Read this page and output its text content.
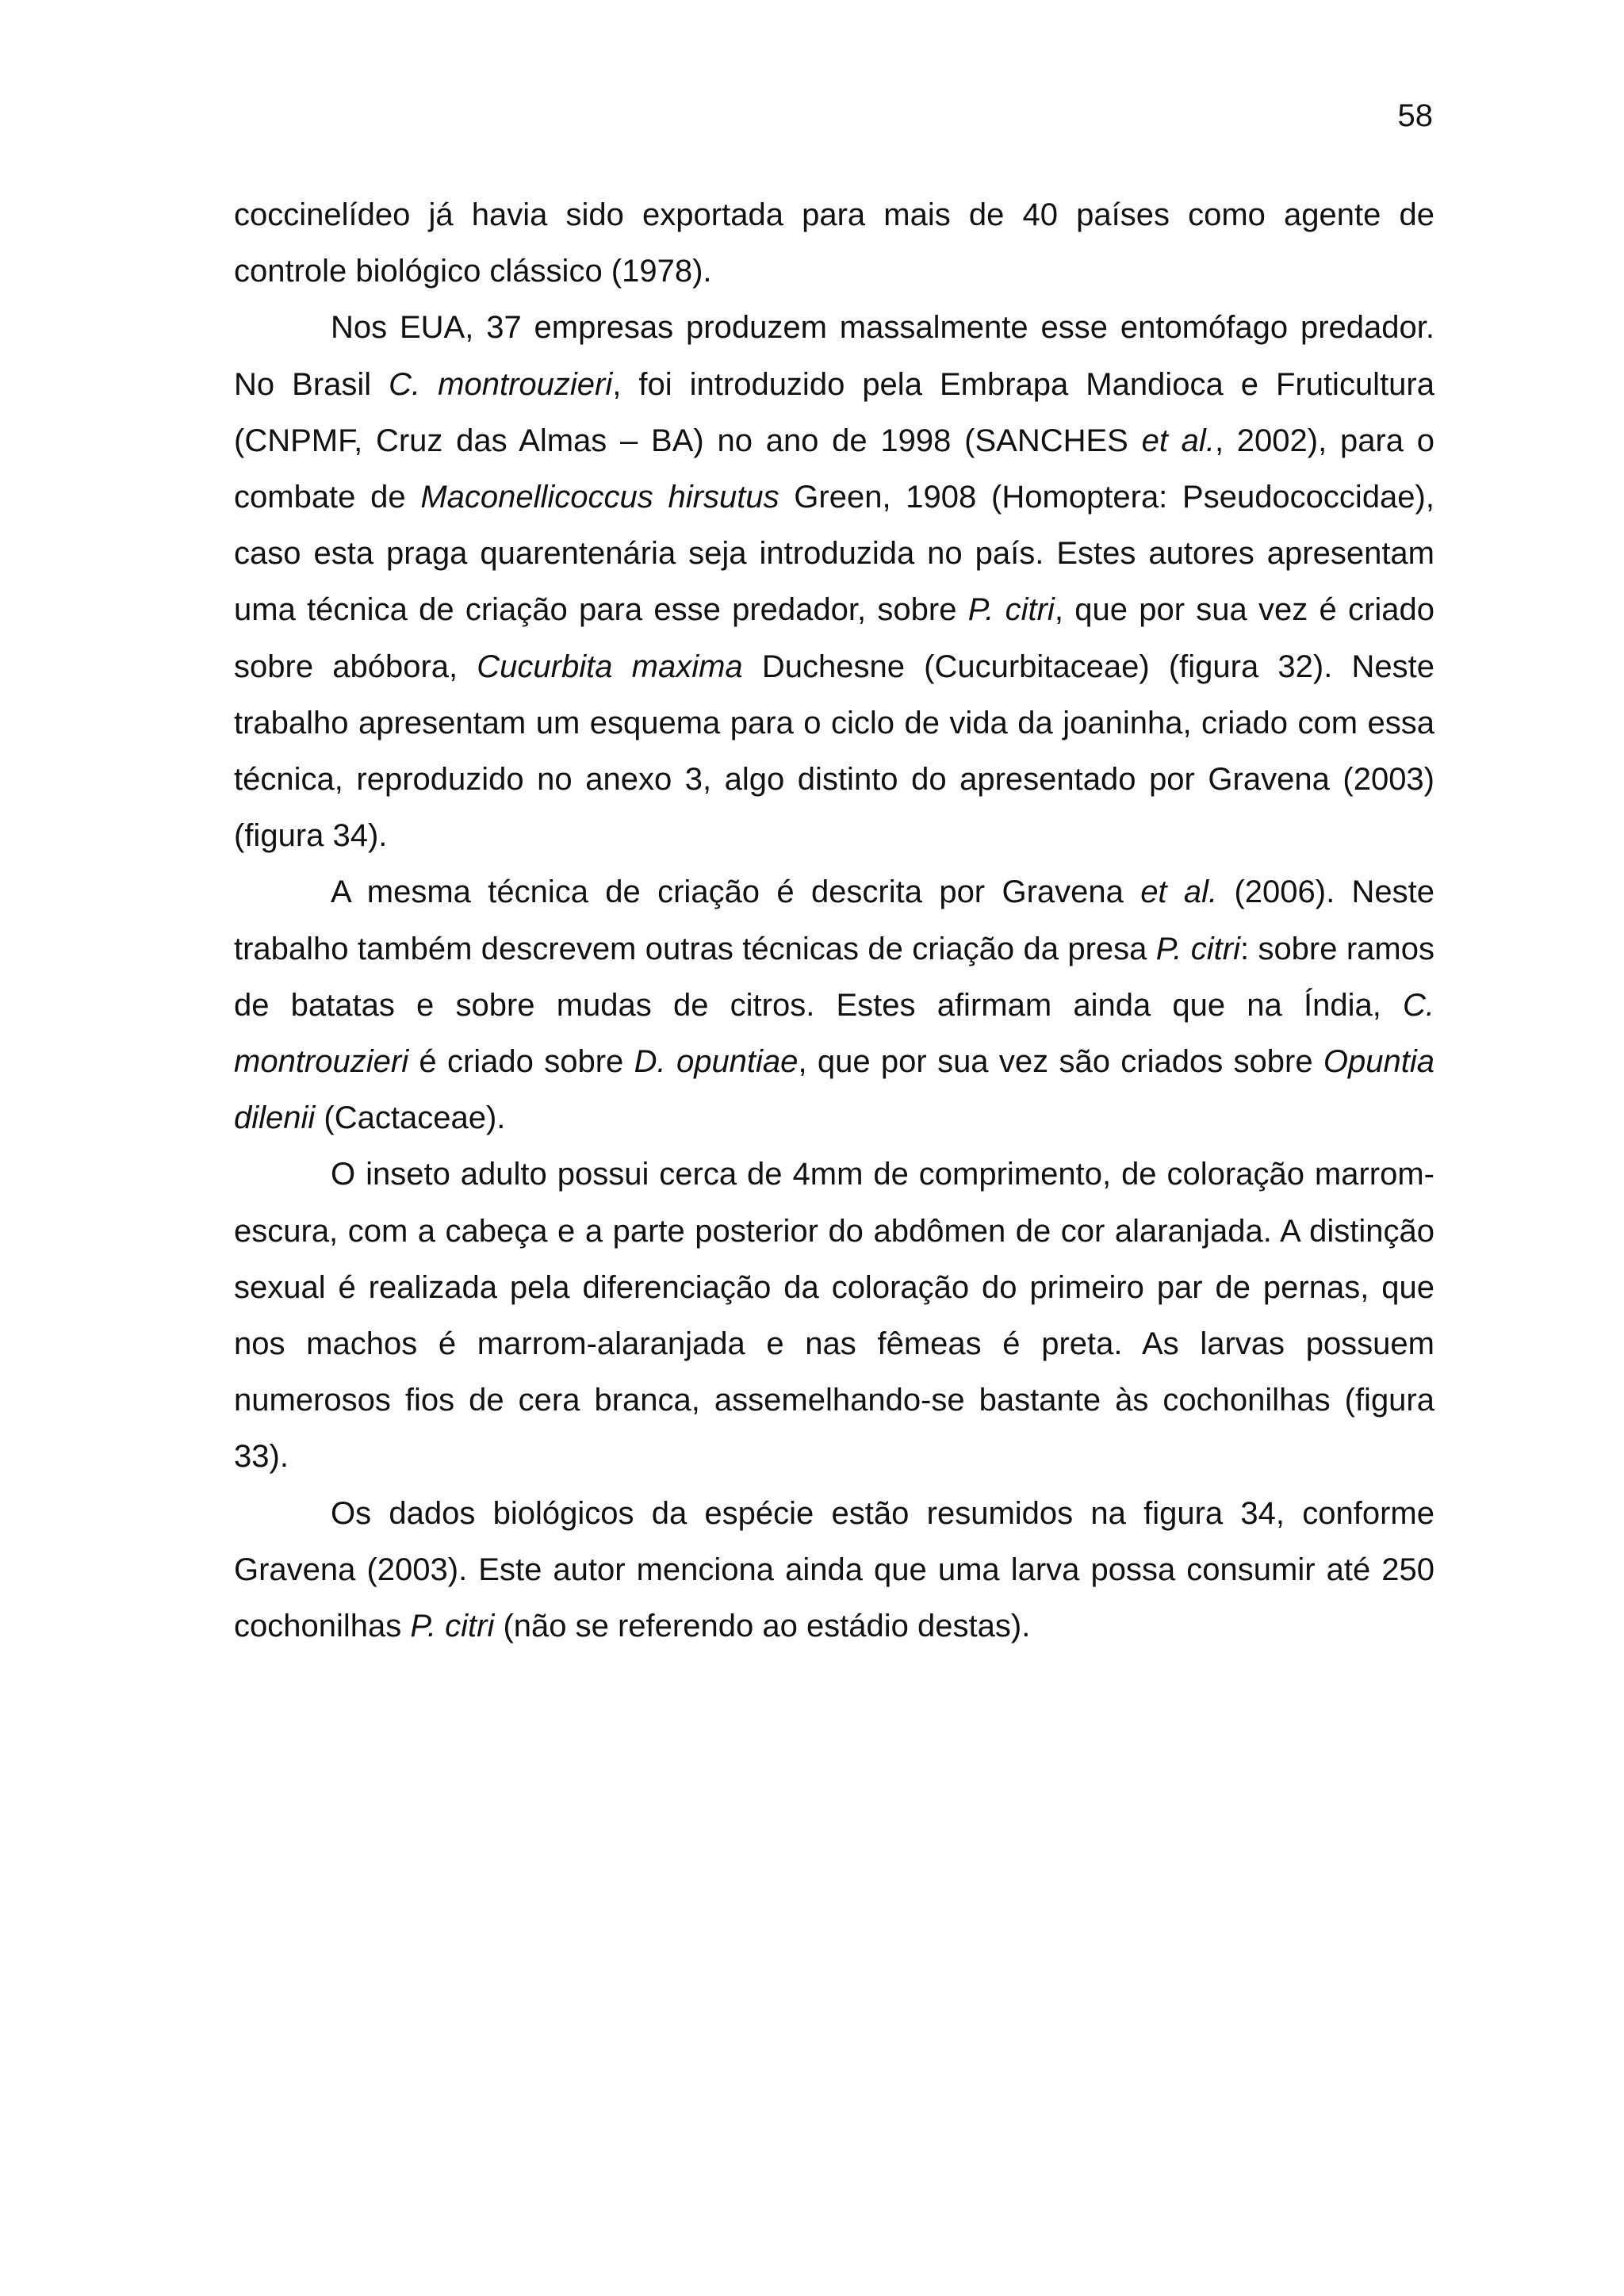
58

coccinelídeo já havia sido exportada para mais de 40 países como agente de controle biológico clássico (1978).

Nos EUA, 37 empresas produzem massalmente esse entomófago predador. No Brasil C. montrouzieri, foi introduzido pela Embrapa Mandioca e Fruticultura (CNPMF, Cruz das Almas – BA) no ano de 1998 (SANCHES et al., 2002), para o combate de Maconellicoccus hirsutus Green, 1908 (Homoptera: Pseudococcidae), caso esta praga quarentenária seja introduzida no país. Estes autores apresentam uma técnica de criação para esse predador, sobre P. citri, que por sua vez é criado sobre abóbora, Cucurbita maxima Duchesne (Cucurbitaceae) (figura 32). Neste trabalho apresentam um esquema para o ciclo de vida da joaninha, criado com essa técnica, reproduzido no anexo 3, algo distinto do apresentado por Gravena (2003) (figura 34).

A mesma técnica de criação é descrita por Gravena et al. (2006). Neste trabalho também descrevem outras técnicas de criação da presa P. citri: sobre ramos de batatas e sobre mudas de citros. Estes afirmam ainda que na Índia, C. montrouzieri é criado sobre D. opuntiae, que por sua vez são criados sobre Opuntia dilenii (Cactaceae).

O inseto adulto possui cerca de 4mm de comprimento, de coloração marrom-escura, com a cabeça e a parte posterior do abdômen de cor alaranjada. A distinção sexual é realizada pela diferenciação da coloração do primeiro par de pernas, que nos machos é marrom-alaranjada e nas fêmeas é preta. As larvas possuem numerosos fios de cera branca, assemelhando-se bastante às cochonilhas (figura 33).

Os dados biológicos da espécie estão resumidos na figura 34, conforme Gravena (2003). Este autor menciona ainda que uma larva possa consumir até 250 cochonilhas P. citri (não se referendo ao estádio destas).
